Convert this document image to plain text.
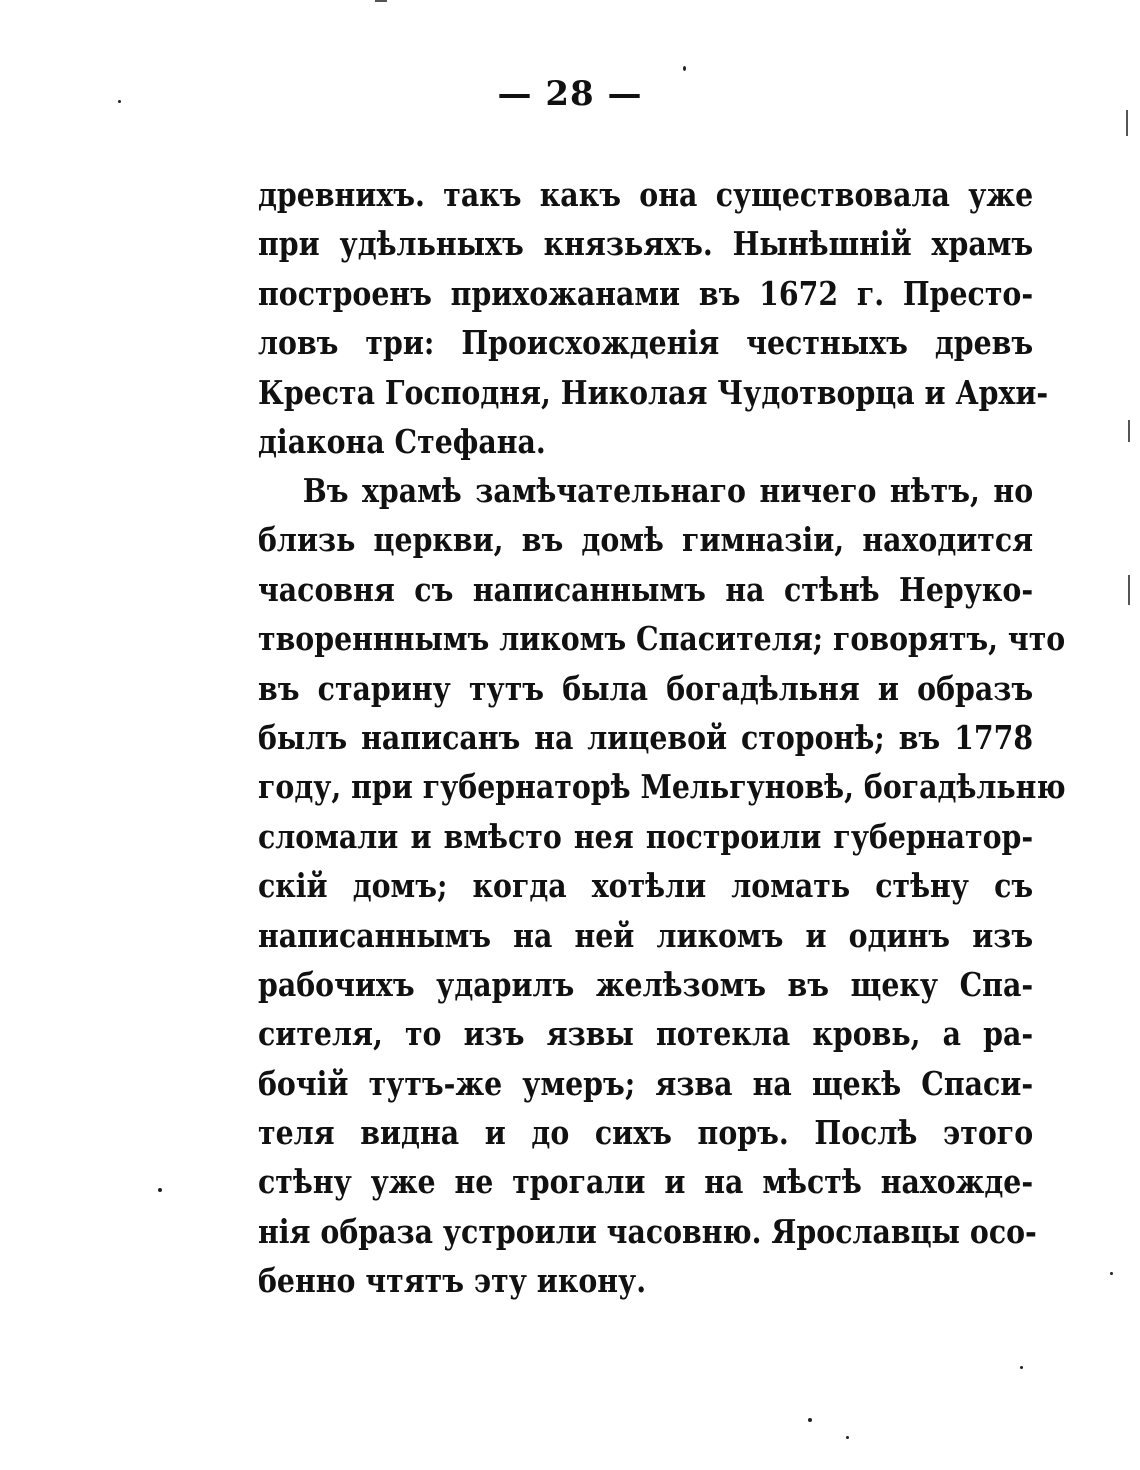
— 28 —
древнихъ. такъ какъ она существовала уже
при удѣльныхъ князьяхъ. Нынѣшній храмъ
построенъ прихожанами въ 1672 г. Престо-
ловъ три: Происхожденія честныхъ древъ
Креста Господня, Николая Чудотворца и Архи-
діакона Стефана.
Въ храмѣ замѣчательнаго ничего нѣтъ, но
близь церкви, въ домѣ гимназіи, находится
часовня съ написаннымъ на стѣнѣ Неруко-
творенннымъ ликомъ Спасителя; говорятъ, что
въ старину тутъ была богадѣльня и образъ
былъ написанъ на лицевой сторонѣ; въ 1778
году, при губернаторѣ Мельгуновѣ, богадѣльню
сломали и вмѣсто нея построили губернатор-
скій домъ; когда хотѣли ломать стѣну съ
написаннымъ на ней ликомъ и одинъ изъ
рабочихъ ударилъ желѣзомъ въ щеку Спа-
сителя, то изъ язвы потекла кровь, а ра-
бочій тутъ-же умеръ; язва на щекѣ Спаси-
теля видна и до сихъ поръ. Послѣ этого
стѣну уже не трогали и на мѣстѣ нахожде-
нія образа устроили часовню. Ярославцы осо-
бенно чтятъ эту икону.
